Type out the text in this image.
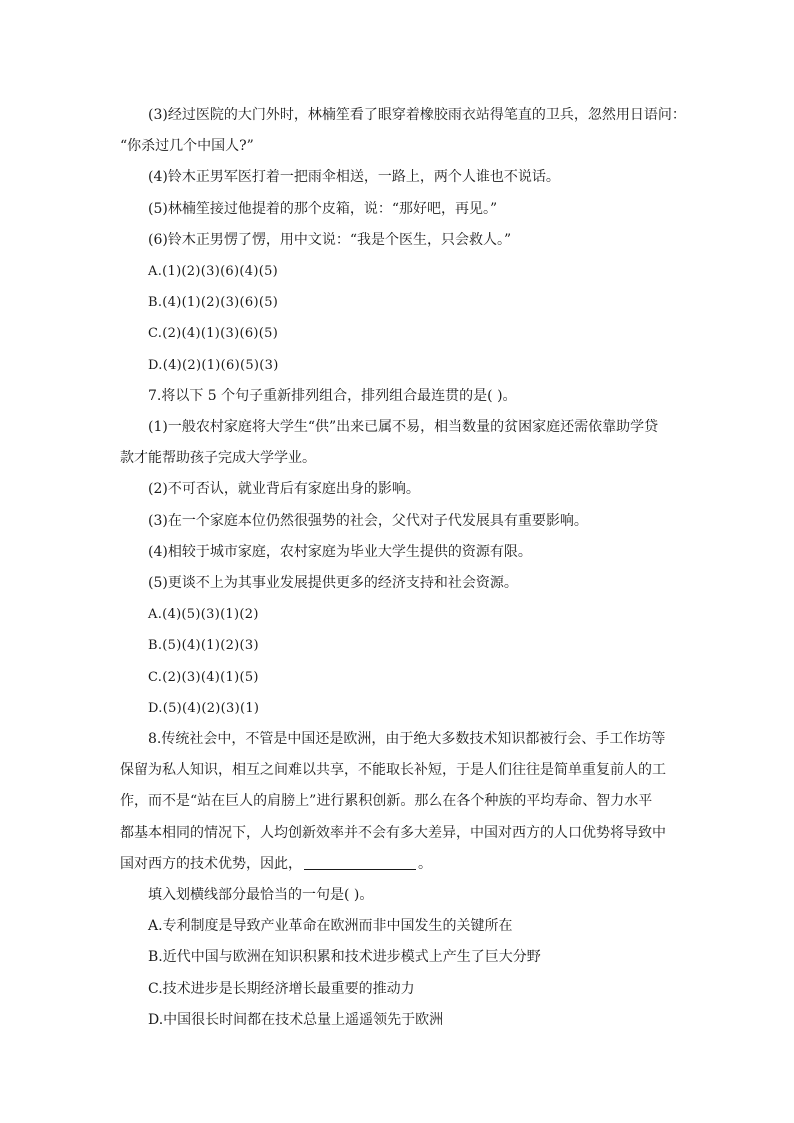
(3)经过医院的大门外时，林楠笙看了眼穿着橡胶雨衣站得笔直的卫兵，忽然用日语问：

“你杀过几个中国人?”

(4)铃木正男军医打着一把雨伞相送，一路上，两个人谁也不说话。

(5)林楠笙接过他提着的那个皮箱，说：“那好吧，再见。”

(6)铃木正男愣了愣，用中文说：“我是个医生，只会救人。”

A.(1)(2)(3)(6)(4)(5)

B.(4)(1)(2)(3)(6)(5)

C.(2)(4)(1)(3)(6)(5)

D.(4)(2)(1)(6)(5)(3)

7.将以下 5 个句子重新排列组合，排列组合最连贯的是( )。

(1)一般农村家庭将大学生“供”出来已属不易，相当数量的贫困家庭还需依靠助学贷

款才能帮助孩子完成大学学业。

(2)不可否认，就业背后有家庭出身的影响。

(3)在一个家庭本位仍然很强势的社会，父代对子代发展具有重要影响。

(4)相较于城市家庭，农村家庭为毕业大学生提供的资源有限。

(5)更谈不上为其事业发展提供更多的经济支持和社会资源。

A.(4)(5)(3)(1)(2)

B.(5)(4)(1)(2)(3)

C.(2)(3)(4)(1)(5)

D.(5)(4)(2)(3)(1)

8.传统社会中，不管是中国还是欧洲，由于绝大多数技术知识都被行会、手工作坊等

保留为私人知识，相互之间难以共享，不能取长补短，于是人们往往是简单重复前人的工

作，而不是“站在巨人的肩膀上”进行累积创新。那么在各个种族的平均寿命、智力水平

都基本相同的情况下，人均创新效率并不会有多大差异，中国对西方的人口优势将导致中

国对西方的技术优势，因此，	。

填入划横线部分最恰当的一句是( )。

A.专利制度是导致产业革命在欧洲而非中国发生的关键所在

B.近代中国与欧洲在知识积累和技术进步模式上产生了巨大分野

C.技术进步是长期经济增长最重要的推动力

D.中国很长时间都在技术总量上遥遥领先于欧洲
